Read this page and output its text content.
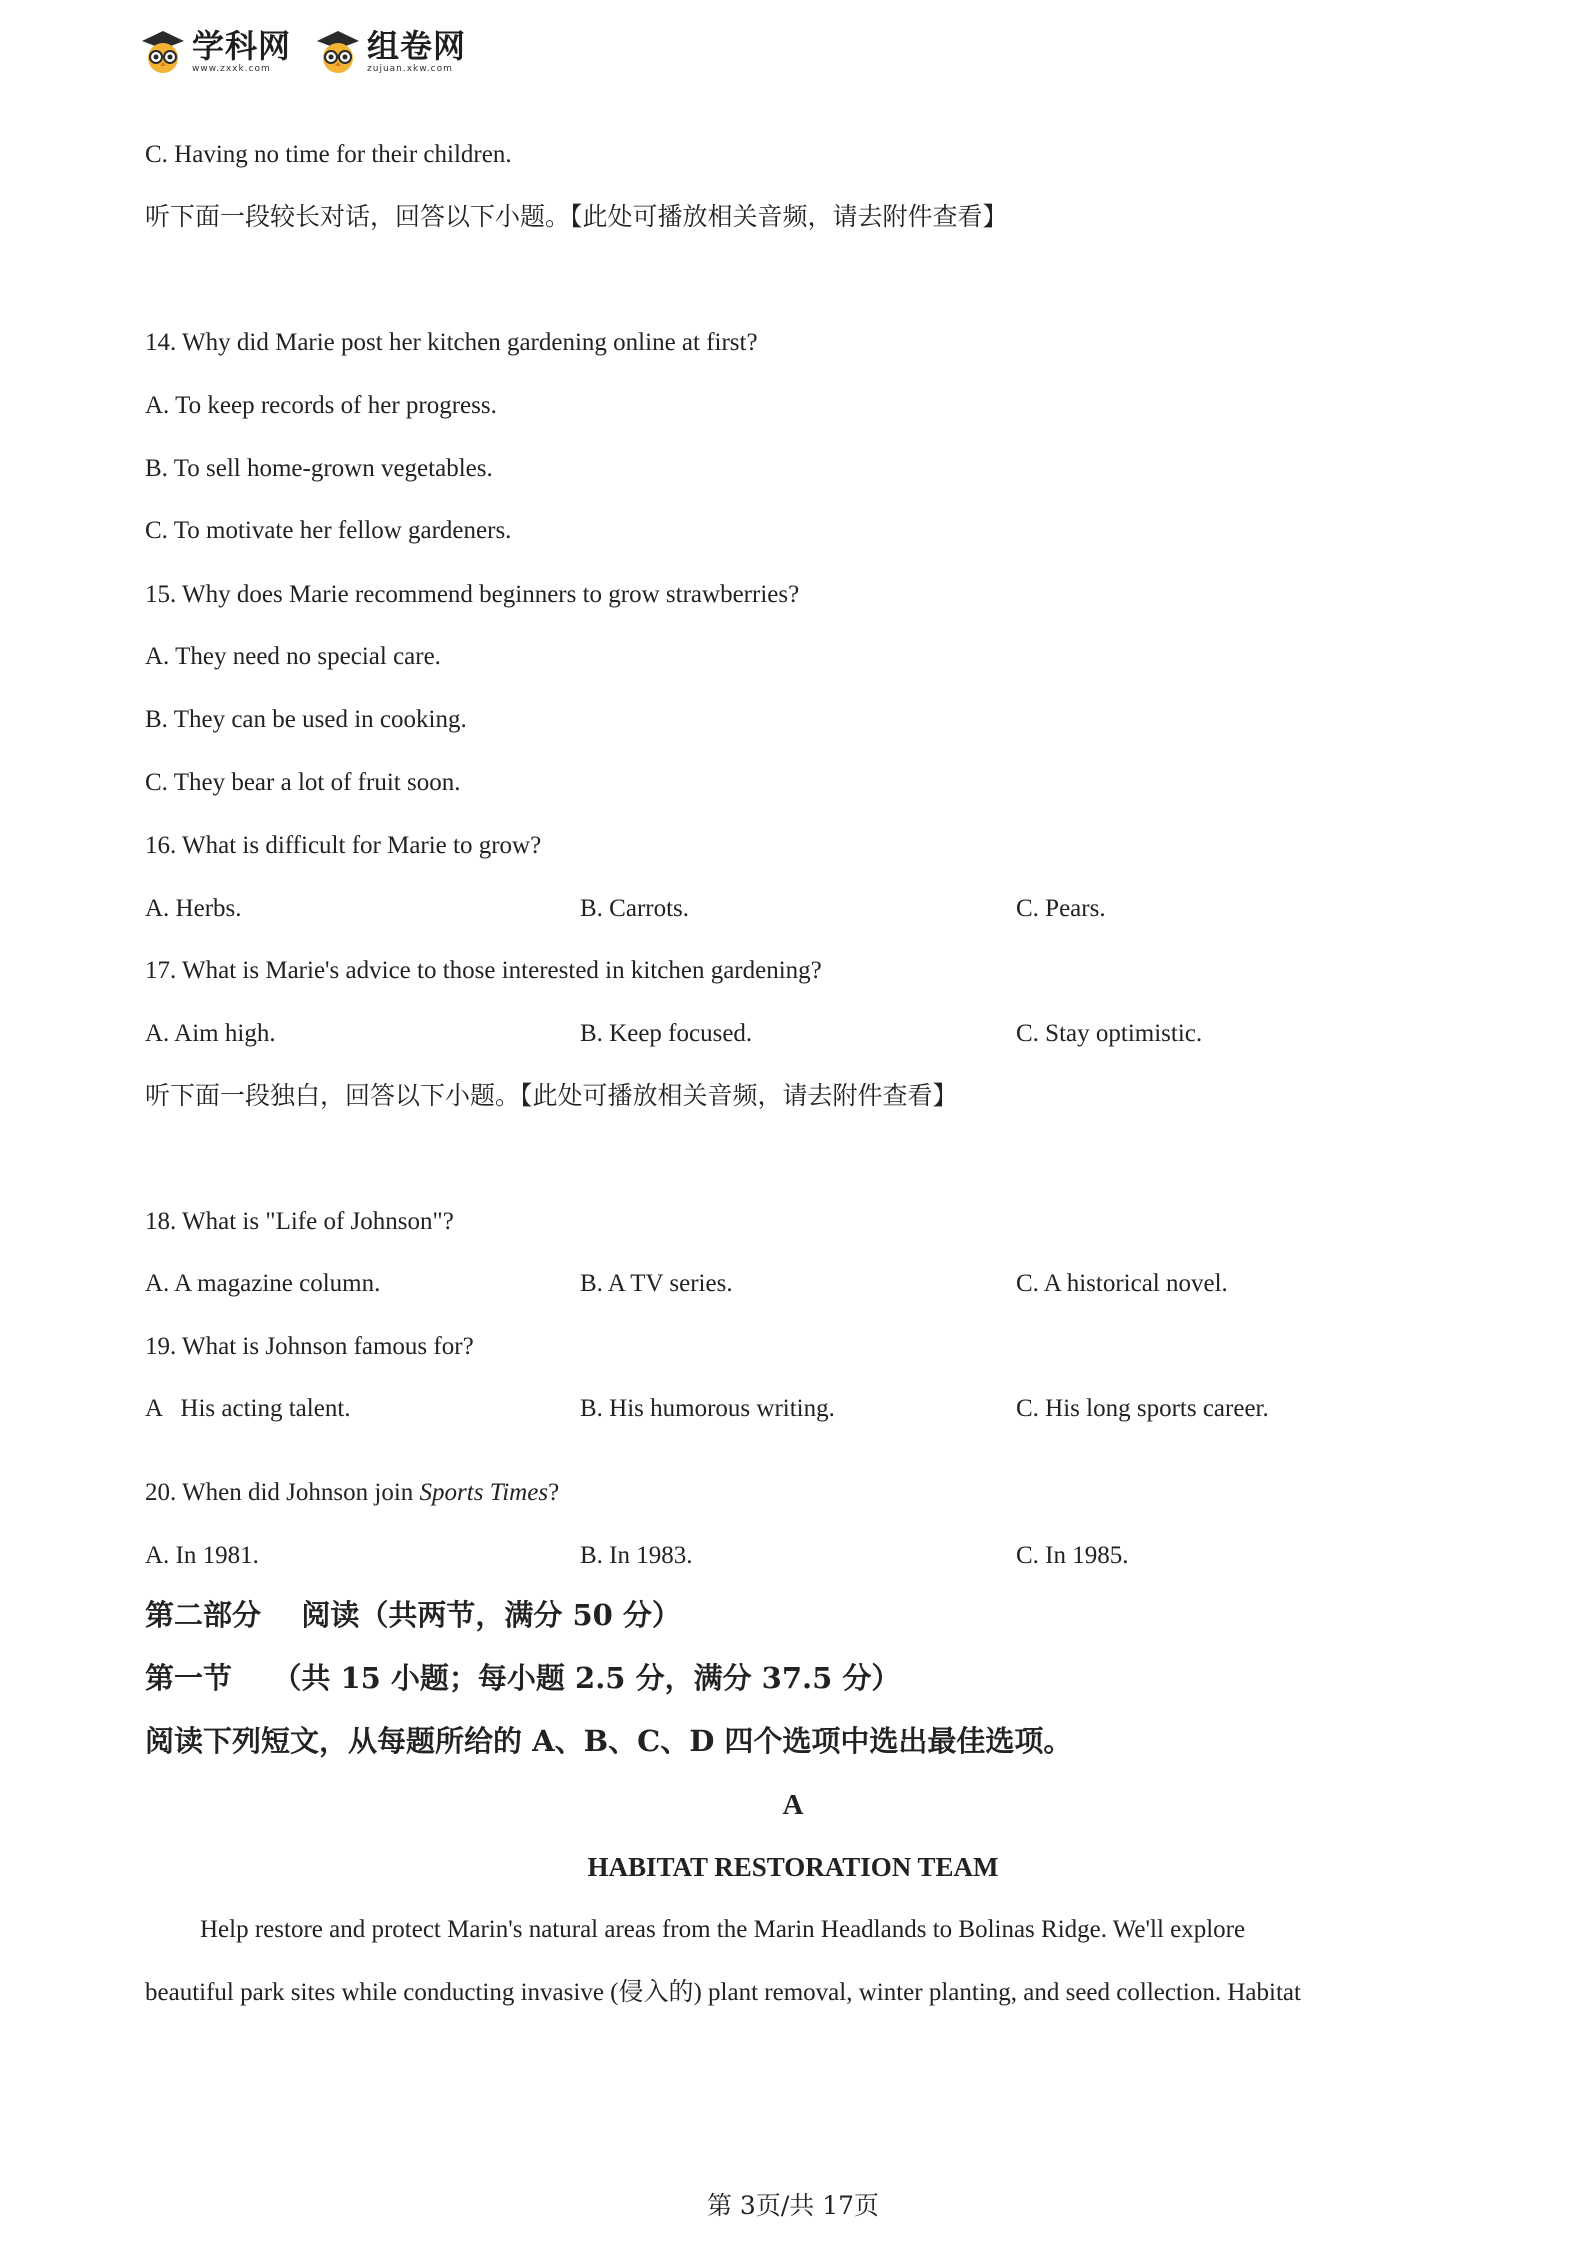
学科网
www.zxxk.com
组卷网
zujuan.xkw.com
C. Having no time for their children.
听下面一段较长对话，回答以下小题。【此处可播放相关音频，请去附件查看】
14. Why did Marie post her kitchen gardening online at first?
A. To keep records of her progress.
B. To sell home-grown vegetables.
C. To motivate her fellow gardeners.
15. Why does Marie recommend beginners to grow strawberries?
A. They need no special care.
B. They can be used in cooking.
C. They bear a lot of fruit soon.
16. What is difficult for Marie to grow?
A. Herbs.	B. Carrots.	C. Pears.
17. What is Marie's advice to those interested in kitchen gardening?
A. Aim high.	B. Keep focused.	C. Stay optimistic.
听下面一段独白，回答以下小题。【此处可播放相关音频，请去附件查看】
18. What is "Life of Johnson"?
A. A magazine column.	B. A TV series.	C. A historical novel.
19. What is Johnson famous for?
A   His acting talent.	B. His humorous writing.	C. His long sports career.
20. When did Johnson join Sports Times?
A. In 1981.	B. In 1983.	C. In 1985.
第二部分    阅读（共两节，满分 50 分）
第一节    （共 15 小题；每小题 2.5 分，满分 37.5 分）
阅读下列短文，从每题所给的 A、B、C、D 四个选项中选出最佳选项。
A
HABITAT RESTORATION TEAM
Help restore and protect Marin's natural areas from the Marin Headlands to Bolinas Ridge. We'll explore
beautiful park sites while conducting invasive (侵入的) plant removal, winter planting, and seed collection. Habitat
第 3页/共 17页
